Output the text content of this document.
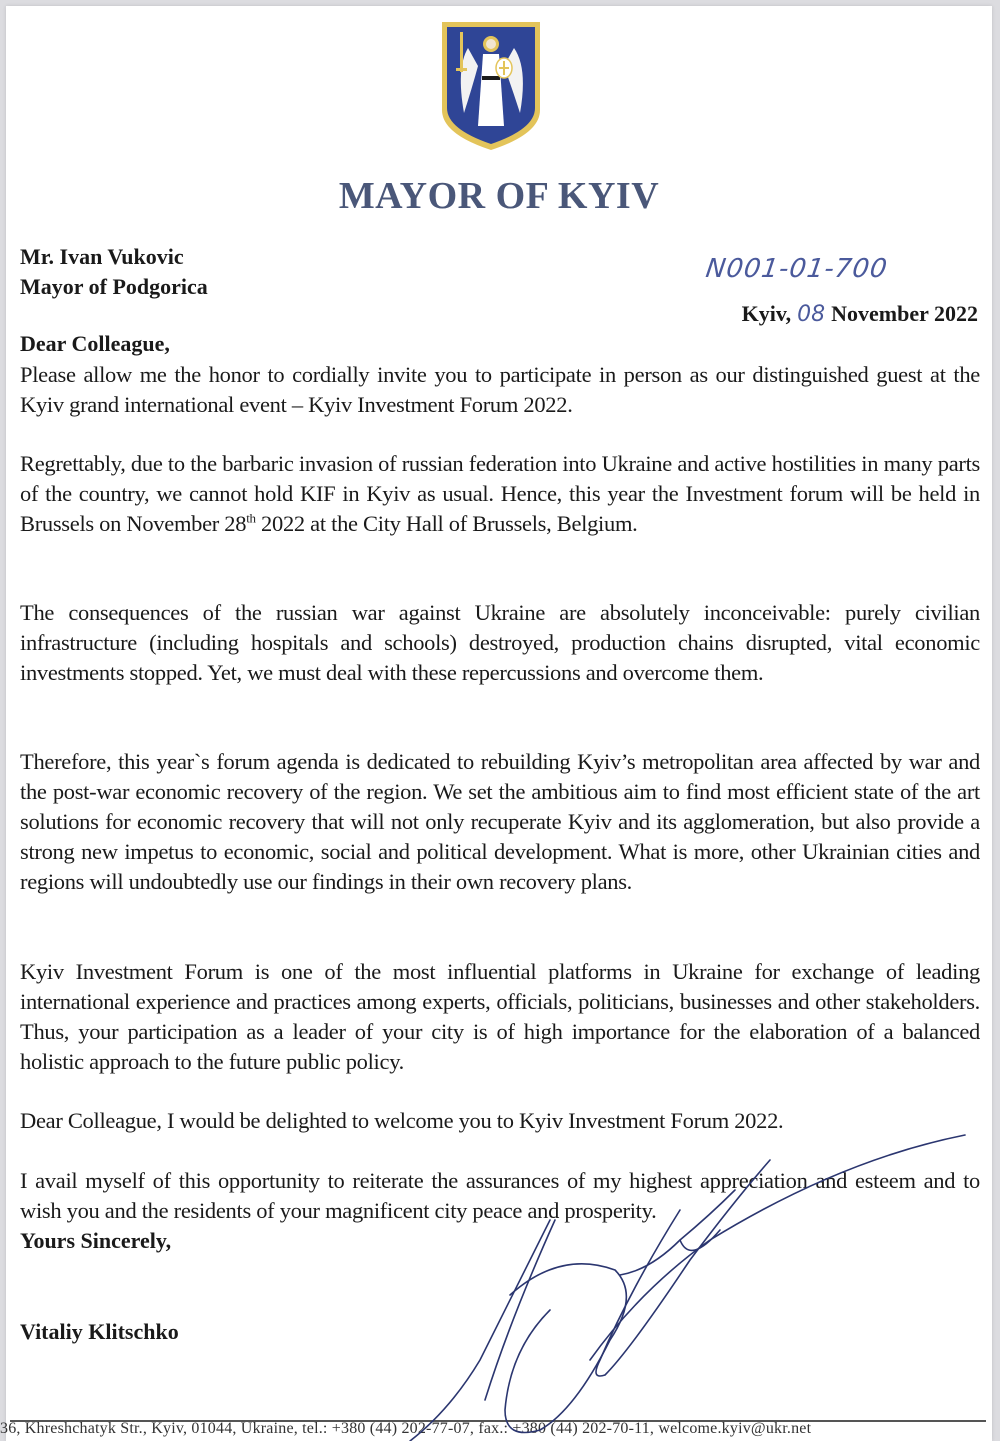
MAYOR OF KYIV
Mr. Ivan Vukovic
Mayor of Podgorica
N001-01-700
Kyiv, 08 November 2022
Dear Colleague,
Please allow me the honor to cordially invite you to participate in person as our distinguished guest at the Kyiv grand international event – Kyiv Investment Forum 2022.
Regrettably, due to the barbaric invasion of russian federation into Ukraine and active hostilities in many parts of the country, we cannot hold KIF in Kyiv as usual. Hence, this year the Investment forum will be held in Brussels on November 28th 2022 at the City Hall of Brussels, Belgium.
The consequences of the russian war against Ukraine are absolutely inconceivable: purely civilian infrastructure (including hospitals and schools) destroyed, production chains disrupted, vital economic investments stopped. Yet, we must deal with these repercussions and overcome them.
Therefore, this year`s forum agenda is dedicated to rebuilding Kyiv’s metropolitan area affected by war and the post-war economic recovery of the region. We set the ambitious aim to find most efficient state of the art solutions for economic recovery that will not only recuperate Kyiv and its agglomeration, but also provide a strong new impetus to economic, social and political development. What is more, other Ukrainian cities and regions will undoubtedly use our findings in their own recovery plans.
Kyiv Investment Forum is one of the most influential platforms in Ukraine for exchange of leading international experience and practices among experts, officials, politicians, businesses and other stakeholders. Thus, your participation as a leader of your city is of high importance for the elaboration of a balanced holistic approach to the future public policy.
Dear Colleague, I would be delighted to welcome you to Kyiv Investment Forum 2022.
I avail myself of this opportunity to reiterate the assurances of my highest appreciation and esteem and to wish you and the residents of your magnificent city peace and prosperity.
Yours Sincerely,
Vitaliy Klitschko
36, Khreshchatyk Str., Kyiv, 01044, Ukraine, tel.: +380 (44) 202-77-07, fax.: +380 (44) 202-70-11, welcome.kyiv@ukr.net
